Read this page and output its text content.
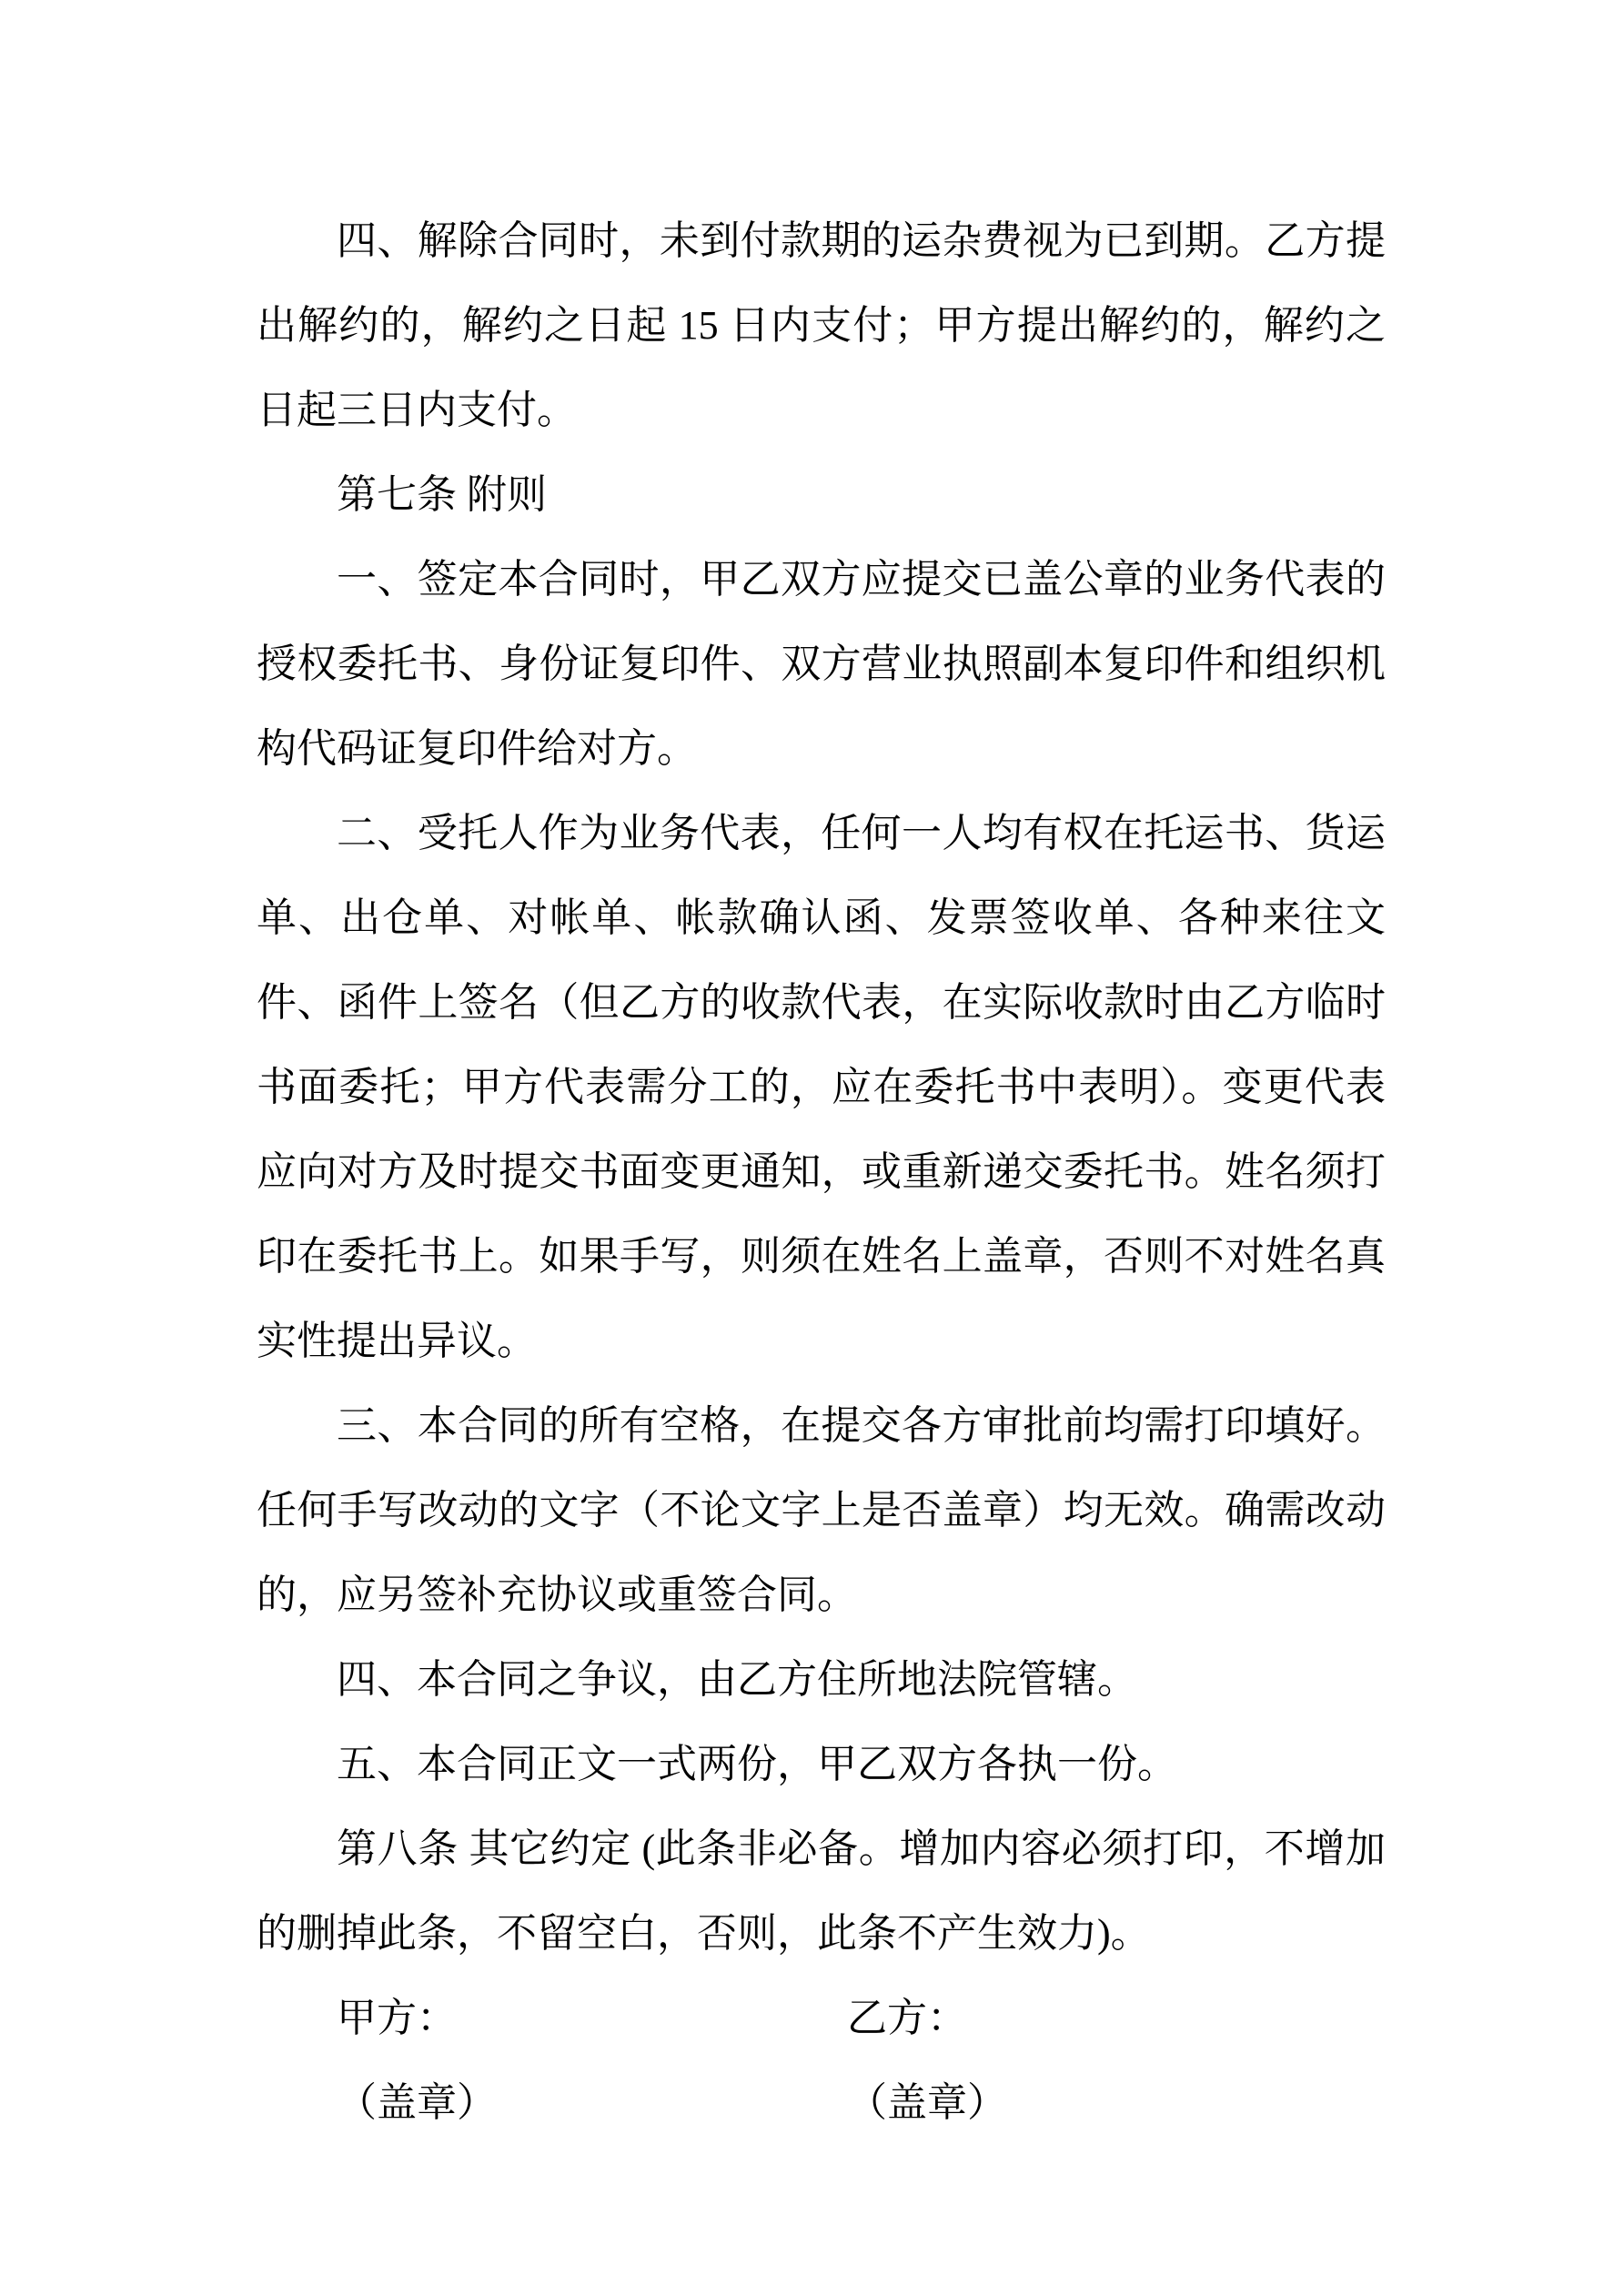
四、解除合同时，未到付款期的运杂费视为已到期。乙方提出解约的，解约之日起 15 日内支付；甲方提出解约的，解约之日起三日内支付。

第七条 附则

一、签定本合同时，甲乙双方应提交已盖公章的业务代表的授权委托书、身份证复印件、双方营业执照副本复印件和组织机构代码证复印件给对方。

二、受托人作为业务代表，任何一人均有权在托运书、货运单、出仓单、对帐单、帐款确认函、发票签收单、各种来往文件、函件上签名（但乙方的收款代表，在实际收款时由乙方临时书面委托；甲方代表需分工的，应在委托书中表明）。变更代表应向对方及时提交书面变更通知，或重新递交委托书。姓名须打印在委托书上。如果手写，则须在姓名上盖章，否则不对姓名真实性提出异议。

三、本合同的所有空格，在提交各方审批前均需打印填好。任何手写改动的文字（不论文字上是否盖章）均无效。确需改动的，应另签补充协议或重签合同。

四、本合同之争议，由乙方住所地法院管辖。

五、本合同正文一式两份，甲乙双方各执一份。

第八条 其它约定 (此条非必备。增加内容必须打印，不增加的删掉此条，不留空白，否则，此条不产生效力)。

甲方：	乙方：
（盖章）	（盖章）
